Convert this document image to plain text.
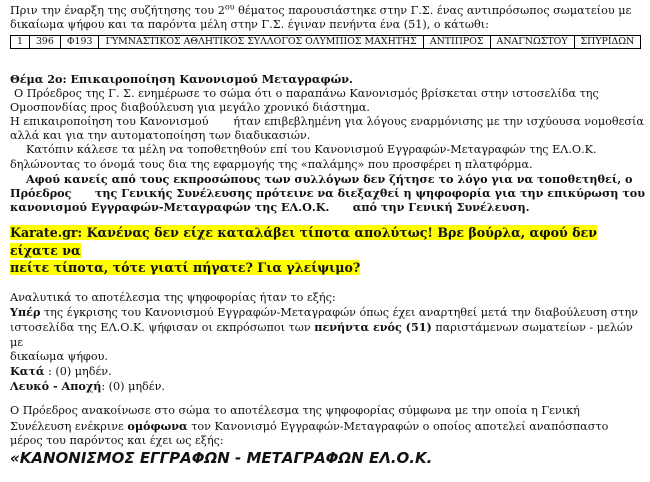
Πριν την έναρξη της συζήτησης του $2^{o\upsilon}$ θέματος παρουσιάστηκε στην Γ.Σ. ένας αντιπρόσωπος σωματείου με

δικαίωμα ψήφου και τα παρόντα μέλη στην Γ.Σ. έγιναν πενήντα ένα (51), ο κάτωθι:

1	396	Φ193	ΓΥΜΝΑΣΤΙΚΟΣ ΑΘΛΗΤΙΚΟΣ ΣΥΛΛΟΓΟΣ ΟΛΥΜΠΙΟΣ ΜΑΧΗΤΗΣ	ΑΝΤΙΠΡΟΣ	ΑΝΑΓΝΩΣΤΟΥ	ΣΠΥΡΙΔΩΝ

Θέμα 2ο: Επικαιροποίηση Κανονισμού Μεταγραφών.

O Πρόεδρος της Γ. Σ. ενημέρωσε το σώμα ότι ο παραπάνω Κανονισμός βρίσκεται στην ιστοσελίδα της

Ομοσπονδίας προς διαβούλευση για μεγάλο χρονικό διάστημα.

Η επικαιροποίηση του Κανονισμού       ήταν επιβεβλημένη για λόγους εναρμόνισης με την ισχύουσα νομοθεσία

αλλά και για την αυτοματοποίηση των διαδικασιών.

Κατόπιν κάλεσε τα μέλη να τοποθετηθούν επί του Κανονισμού Εγγραφών-Μεταγραφών της ΕΛ.Ο.Κ.

δηλώνοντας το όνομά τους δια της εφαρμογής της «παλάμης» που προσφέρει η πλατφόρμα.

Αφού κανείς από τους εκπροσώπους των συλλόγων δεν ζήτησε το λόγο για να τοποθετηθεί, ο

Πρόεδρος      της Γενικής Συνέλευσης πρότεινε να διεξαχθεί η ψηφοφορία για την επικύρωση του

κανονισμού Εγγραφών-Μεταγραφών της ΕΛ.Ο.Κ.      από την Γενική Συνέλευση.

Karate.gr: Κανένας δεν είχε καταλάβει τίποτα απολύτως! Βρε βούρλα, αφού δεν είχατε να

πείτε τίποτα, τότε γιατί πήγατε? Για γλείψιμο?

Αναλυτικά το αποτέλεσμα της ψηφοφορίας ήταν το εξής:

Υπέρ της έγκρισης του Κανονισμού Εγγραφών-Μεταγραφών όπως έχει αναρτηθεί μετά την διαβούλευση στην

ιστοσελίδα της ΕΛ.Ο.Κ. ψήφισαν οι εκπρόσωποι των πενήντα ενός (51) παριστάμενων σωματείων - μελών με

δικαίωμα ψήφου.

Κατά : (0) μηδέν.

Λευκό - Αποχή: (0) μηδέν.

Ο Πρόεδρος ανακοίνωσε στο σώμα το αποτέλεσμα της ψηφοφορίας σύμφωνα με την οποία η Γενική

Συνέλευση ενέκρινε ομόφωνα τον Κανονισμό Εγγραφών-Μεταγραφών ο οποίος αποτελεί αναπόσπαστο

μέρος του παρόντος και έχει ως εξής:

«ΚΑΝΟΝΙΣΜΟΣ ΕΓΓΡΑΦΩΝ - ΜΕΤΑΓΡΑΦΩΝ ΕΛ.Ο.Κ.
